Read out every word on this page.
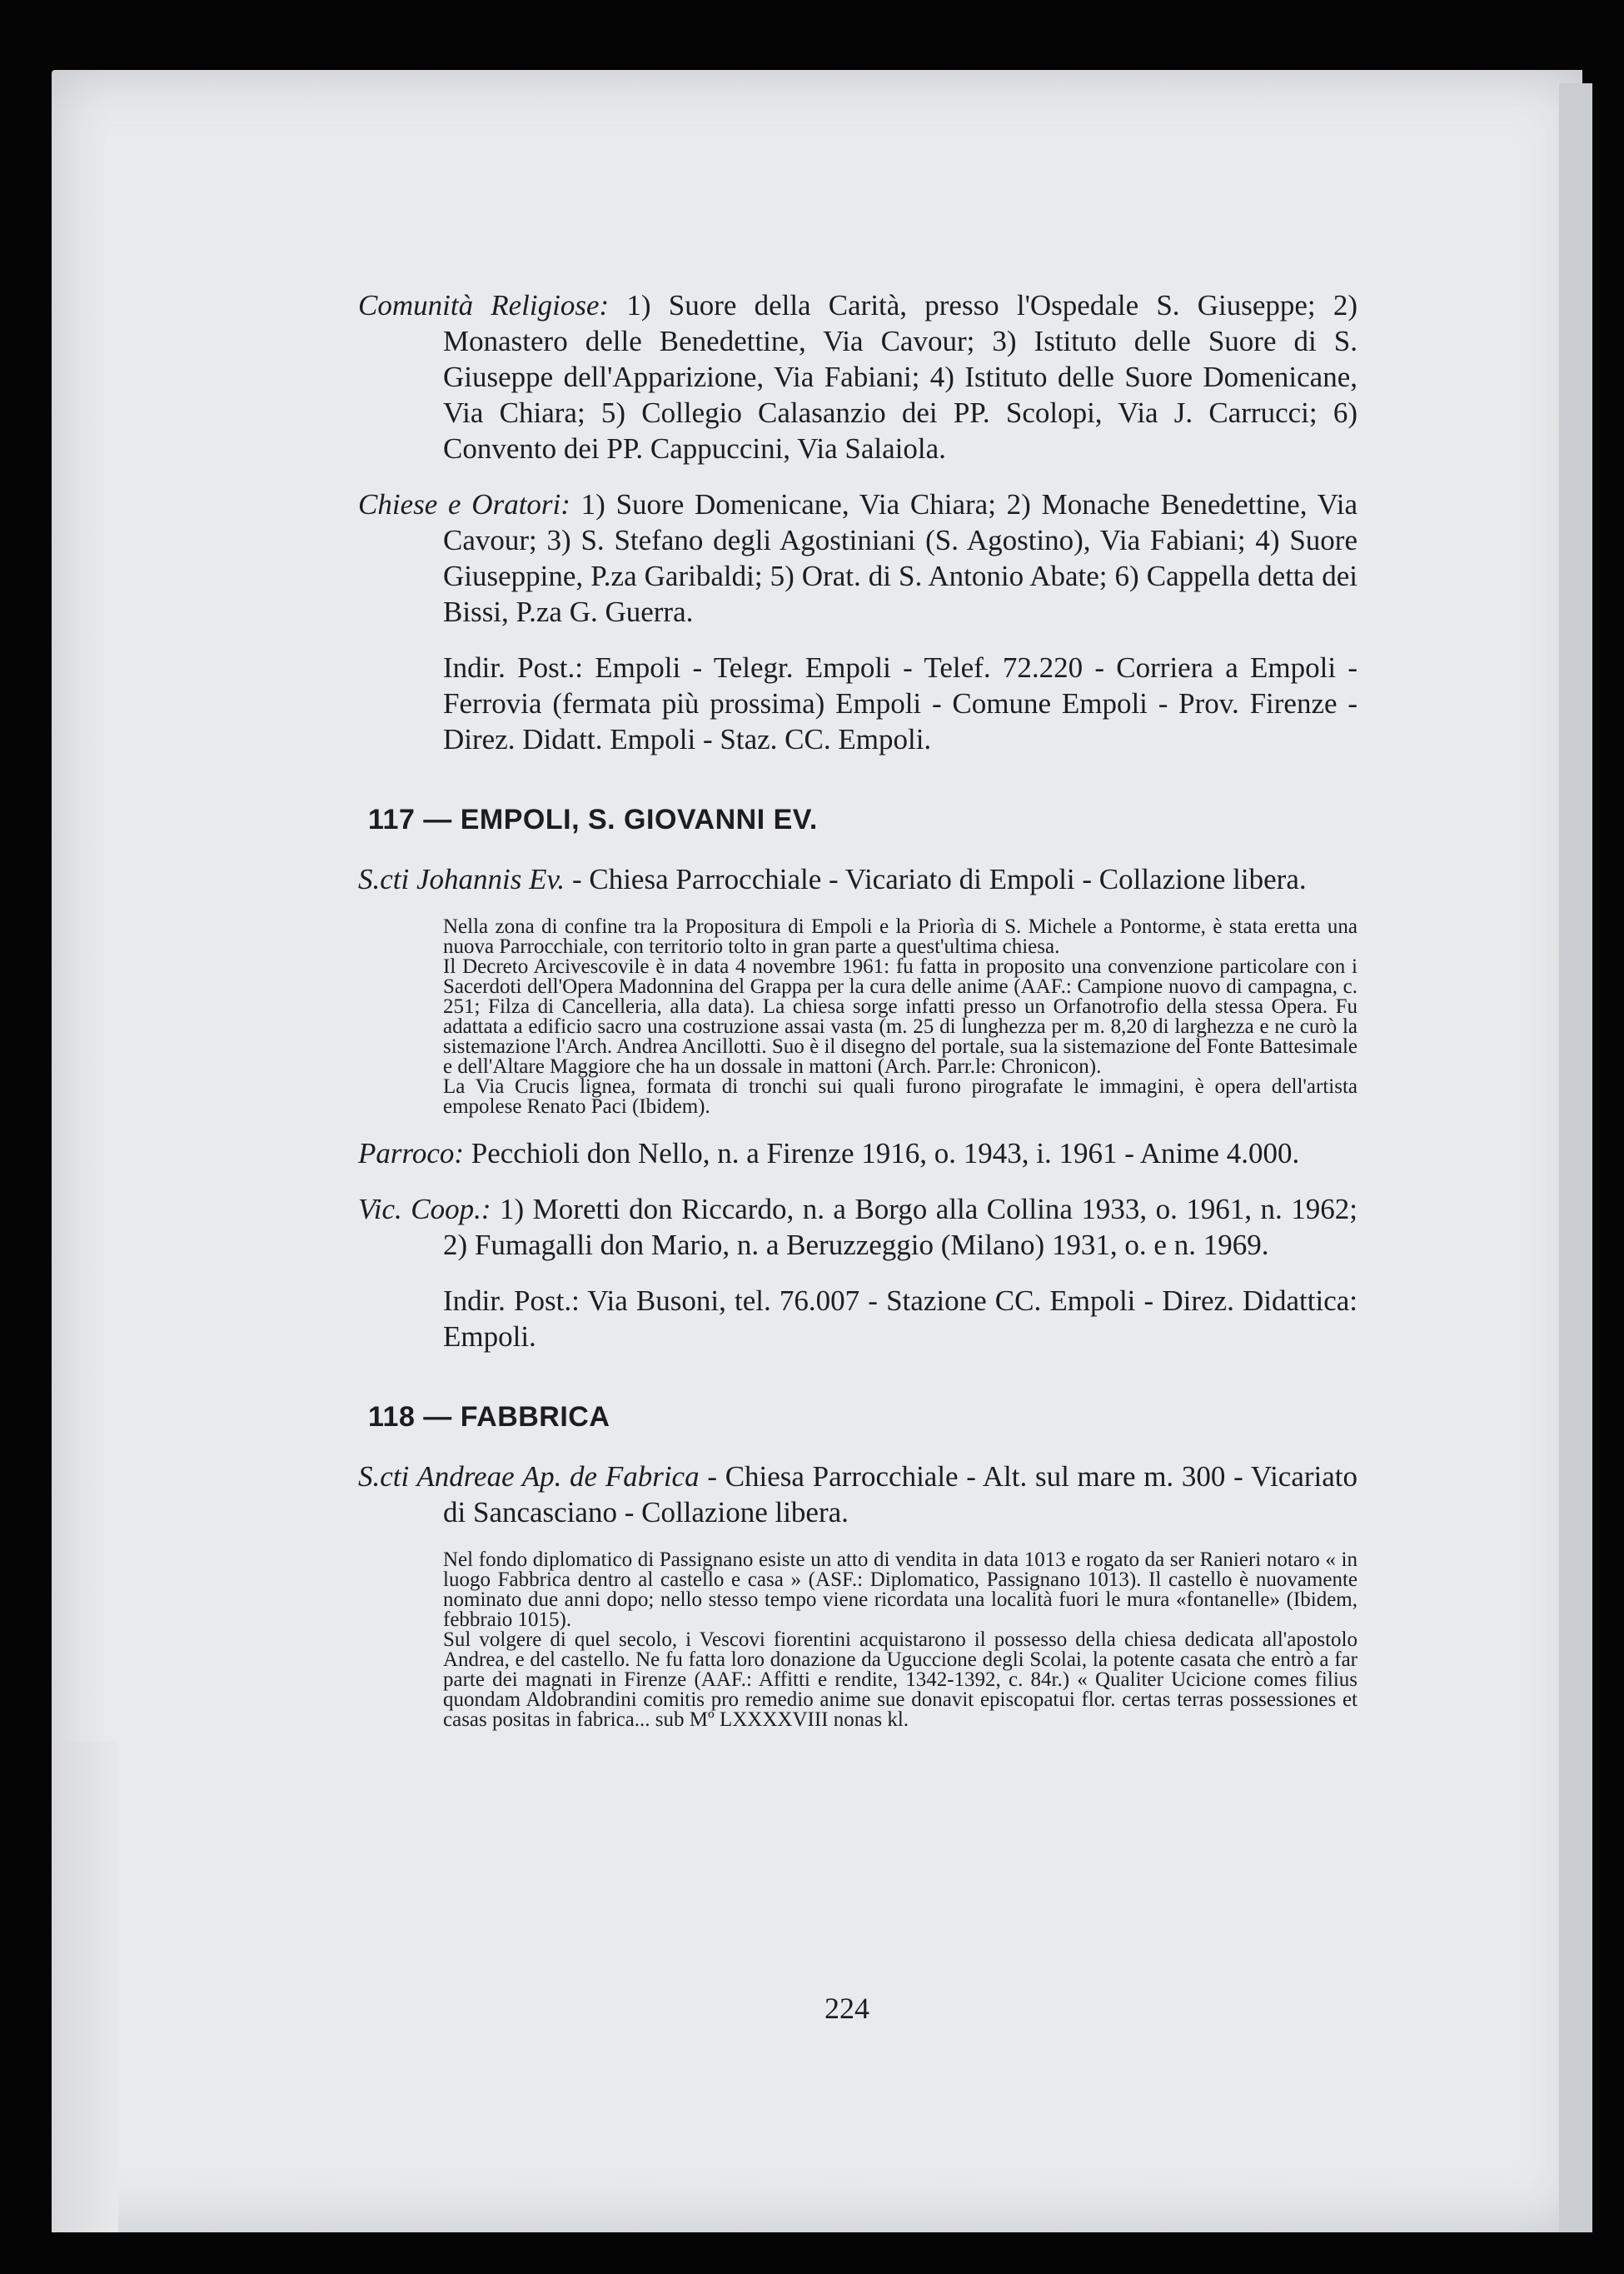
Comunità Religiose: 1) Suore della Carità, presso l'Ospedale S. Giuseppe; 2) Monastero delle Benedettine, Via Cavour; 3) Istituto delle Suore di S. Giuseppe dell'Apparizione, Via Fabiani; 4) Istituto delle Suore Domenicane, Via Chiara; 5) Collegio Calasanzio dei PP. Scolopi, Via J. Carrucci; 6) Convento dei PP. Cappuccini, Via Salaiola.

Chiese e Oratori: 1) Suore Domenicane, Via Chiara; 2) Monache Benedettine, Via Cavour; 3) S. Stefano degli Agostiniani (S. Agostino), Via Fabiani; 4) Suore Giuseppine, P.za Garibaldi; 5) Orat. di S. Antonio Abate; 6) Cappella detta dei Bissi, P.za G. Guerra.

Indir. Post.: Empoli - Telegr. Empoli - Telef. 72.220 - Corriera a Empoli - Ferrovia (fermata più prossima) Empoli - Comune Empoli - Prov. Firenze - Direz. Didatt. Empoli - Staz. CC. Empoli.

117 — EMPOLI, S. GIOVANNI EV.

S.cti Johannis Ev. - Chiesa Parrocchiale - Vicariato di Empoli - Collazione libera.

Nella zona di confine tra la Propositura di Empoli e la Priorìa di S. Michele a Pontorme, è stata eretta una nuova Parrocchiale, con territorio tolto in gran parte a quest'ultima chiesa.

Il Decreto Arcivescovile è in data 4 novembre 1961: fu fatta in proposito una convenzione particolare con i Sacerdoti dell'Opera Madonnina del Grappa per la cura delle anime (AAF.: Campione nuovo di campagna, c. 251; Filza di Cancelleria, alla data). La chiesa sorge infatti presso un Orfanotrofio della stessa Opera. Fu adattata a edificio sacro una costruzione assai vasta (m. 25 di lunghezza per m. 8,20 di larghezza e ne curò la sistemazione l'Arch. Andrea Ancillotti. Suo è il disegno del portale, sua la sistemazione del Fonte Battesimale e dell'Altare Maggiore che ha un dossale in mattoni (Arch. Parr.le: Chronicon).

La Via Crucis lignea, formata di tronchi sui quali furono pirografate le immagini, è opera dell'artista empolese Renato Paci (Ibidem).

Parroco: Pecchioli don Nello, n. a Firenze 1916, o. 1943, i. 1961 - Anime 4.000.

Vic. Coop.: 1) Moretti don Riccardo, n. a Borgo alla Collina 1933, o. 1961, n. 1962; 2) Fumagalli don Mario, n. a Beruzzeggio (Milano) 1931, o. e n. 1969.

Indir. Post.: Via Busoni, tel. 76.007 - Stazione CC. Empoli - Direz. Didattica: Empoli.

118 — FABBRICA

S.cti Andreae Ap. de Fabrica - Chiesa Parrocchiale - Alt. sul mare m. 300 - Vicariato di Sancasciano - Collazione libera.

Nel fondo diplomatico di Passignano esiste un atto di vendita in data 1013 e rogato da ser Ranieri notaro « in luogo Fabbrica dentro al castello e casa » (ASF.: Diplomatico, Passignano 1013). Il castello è nuovamente nominato due anni dopo; nello stesso tempo viene ricordata una località fuori le mura «fontanelle» (Ibidem, febbraio 1015).

Sul volgere di quel secolo, i Vescovi fiorentini acquistarono il possesso della chiesa dedicata all'apostolo Andrea, e del castello. Ne fu fatta loro donazione da Uguccione degli Scolai, la potente casata che entrò a far parte dei magnati in Firenze (AAF.: Affitti e rendite, 1342-1392, c. 84r.) « Qualiter Ucicione comes filius quondam Aldobrandini comitis pro remedio anime sue donavit episcopatui flor. certas terras possessiones et casas positas in fabrica... sub Mº LXXXXVIII nonas kl.

224
